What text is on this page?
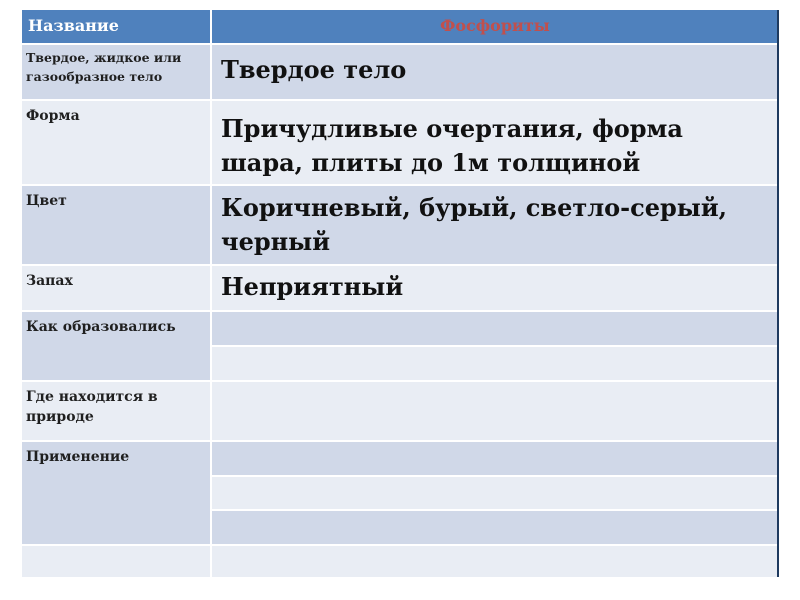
Название	Фосфориты
Твердое, жидкое или газообразное тело	Твердое тело
Форма	Причудливые очертания, форма шара, плиты до 1м толщиной
Цвет	Коричневый, бурый, светло-серый, черный
Запах	Неприятный
Как образовались
Где находится в природе
Применение
